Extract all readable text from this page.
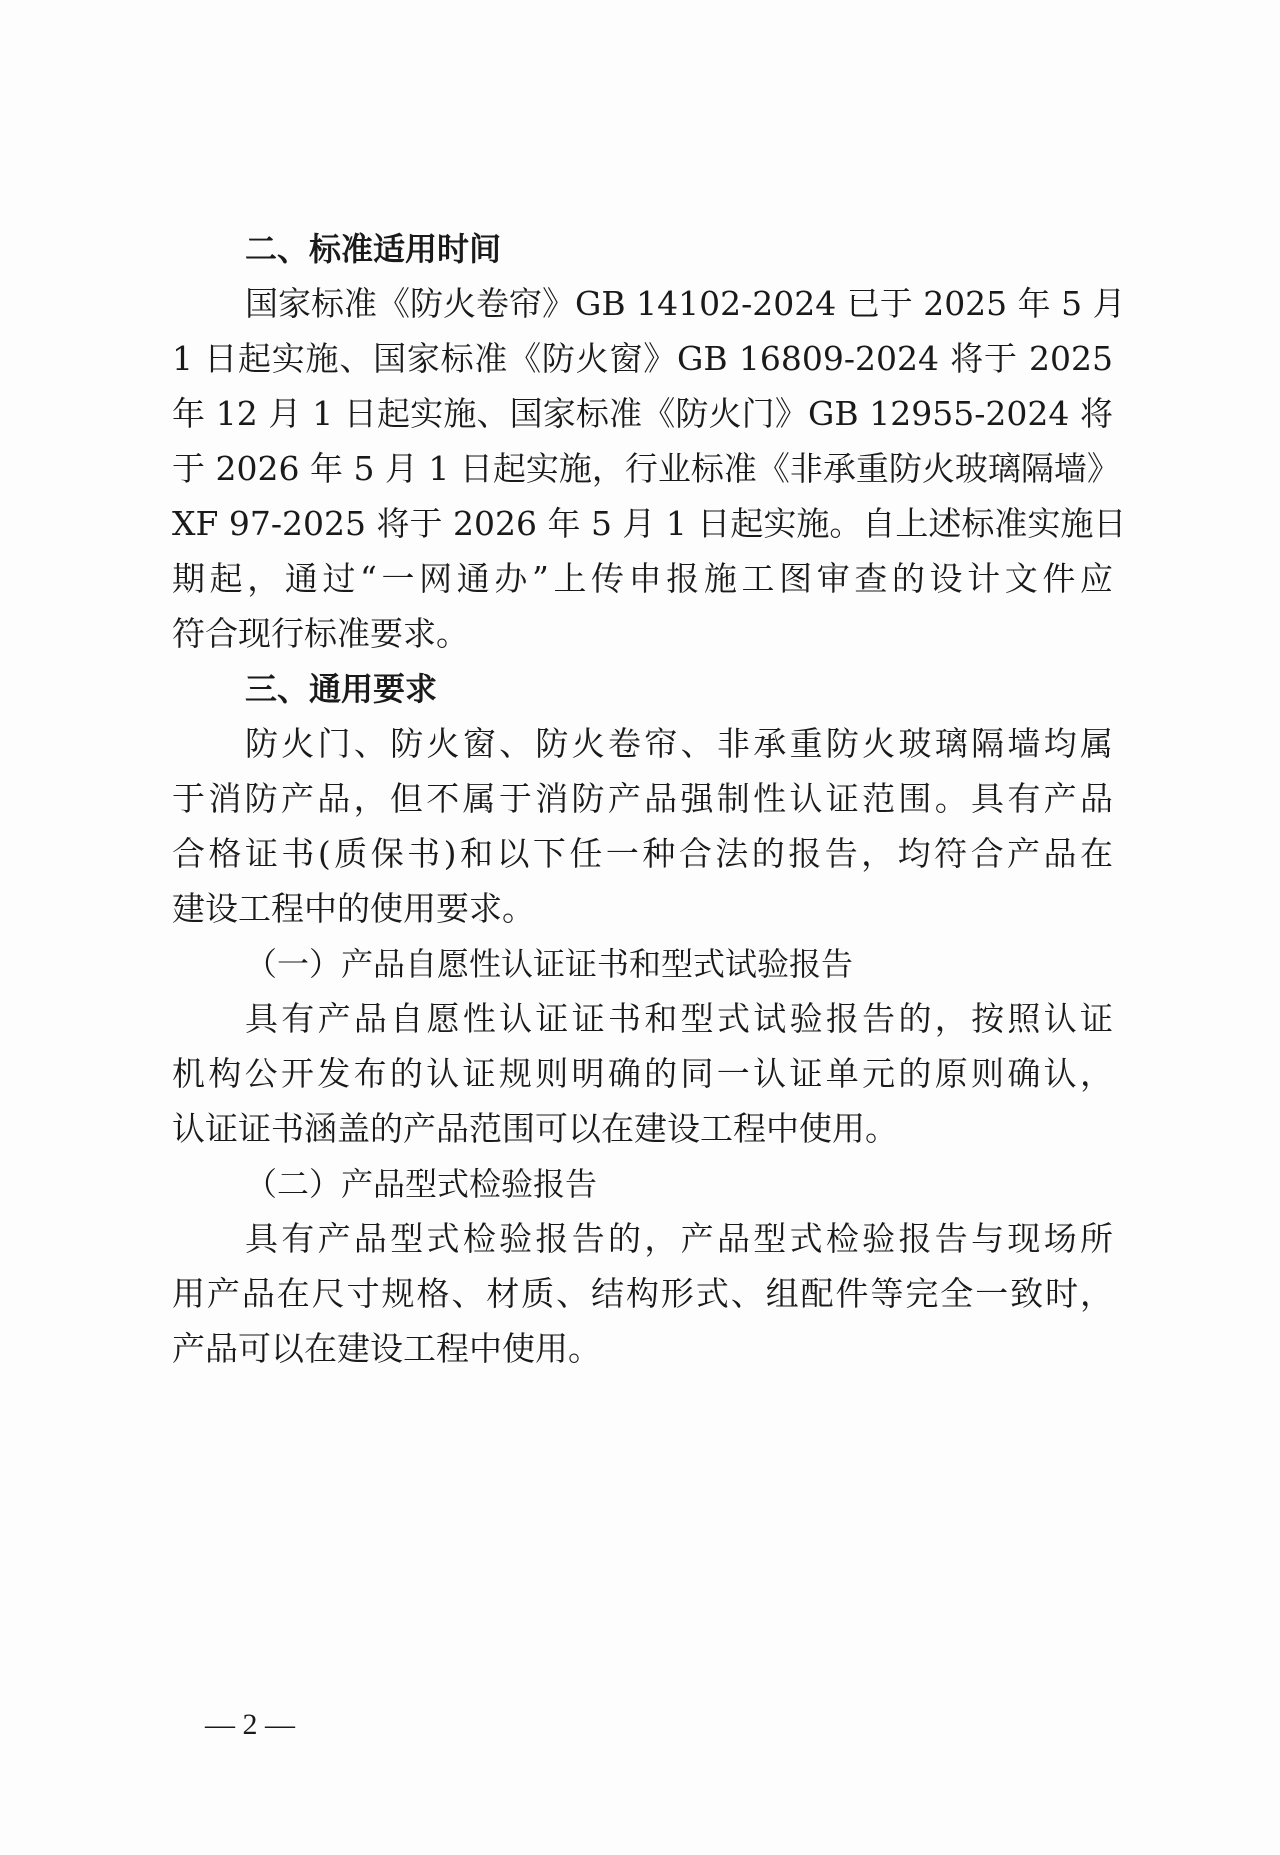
二、标准适用时间
国家标准《防火卷帘》GB 14102-2024 已于 2025 年 5 月
1 日起实施、国家标准《防火窗》GB 16809-2024 将于 2025
年 12 月 1 日起实施、国家标准《防火门》GB 12955-2024 将
于 2026 年 5 月 1 日起实施，行业标准《非承重防火玻璃隔墙》
XF 97-2025 将于 2026 年 5 月 1 日起实施。自上述标准实施日
期起，通过“一网通办”上传申报施工图审查的设计文件应
符合现行标准要求。
三、通用要求
防火门、防火窗、防火卷帘、非承重防火玻璃隔墙均属
于消防产品，但不属于消防产品强制性认证范围。具有产品
合格证书(质保书)和以下任一种合法的报告，均符合产品在
建设工程中的使用要求。
（一）产品自愿性认证证书和型式试验报告
具有产品自愿性认证证书和型式试验报告的，按照认证
机构公开发布的认证规则明确的同一认证单元的原则确认，
认证证书涵盖的产品范围可以在建设工程中使用。
（二）产品型式检验报告
具有产品型式检验报告的，产品型式检验报告与现场所
用产品在尺寸规格、材质、结构形式、组配件等完全一致时，
产品可以在建设工程中使用。
— 2 —
